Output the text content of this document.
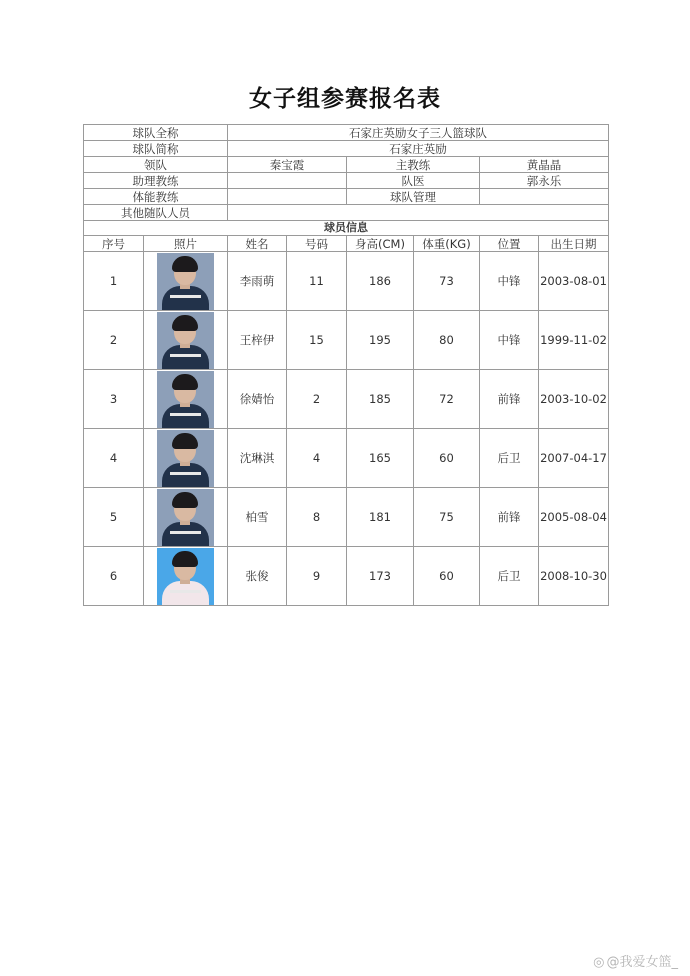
女子组参赛报名表
球队全称		石家庄英励女子三人篮球队					
球队简称		石家庄英励					
领队		秦宝霞		主教练		黄晶晶	
助理教练				队医		郭永乐	
体能教练				球队管理			
其他随队人员							
球员信息							
序号	照片	姓名	号码	身高(CM)	体重(KG)	位置	出生日期
1		李雨萌	11	186	73	中锋	2003-08-01
2		王梓伊	15	195	80	中锋	1999-11-02
3		徐婧怡	2	185	72	前锋	2003-10-02
4		沈琳淇	4	165	60	后卫	2007-04-17
5		柏雪	8	181	75	前锋	2005-08-04
6		张俊	9	173	60	后卫	2008-10-30
◎ @我爱女篮_
